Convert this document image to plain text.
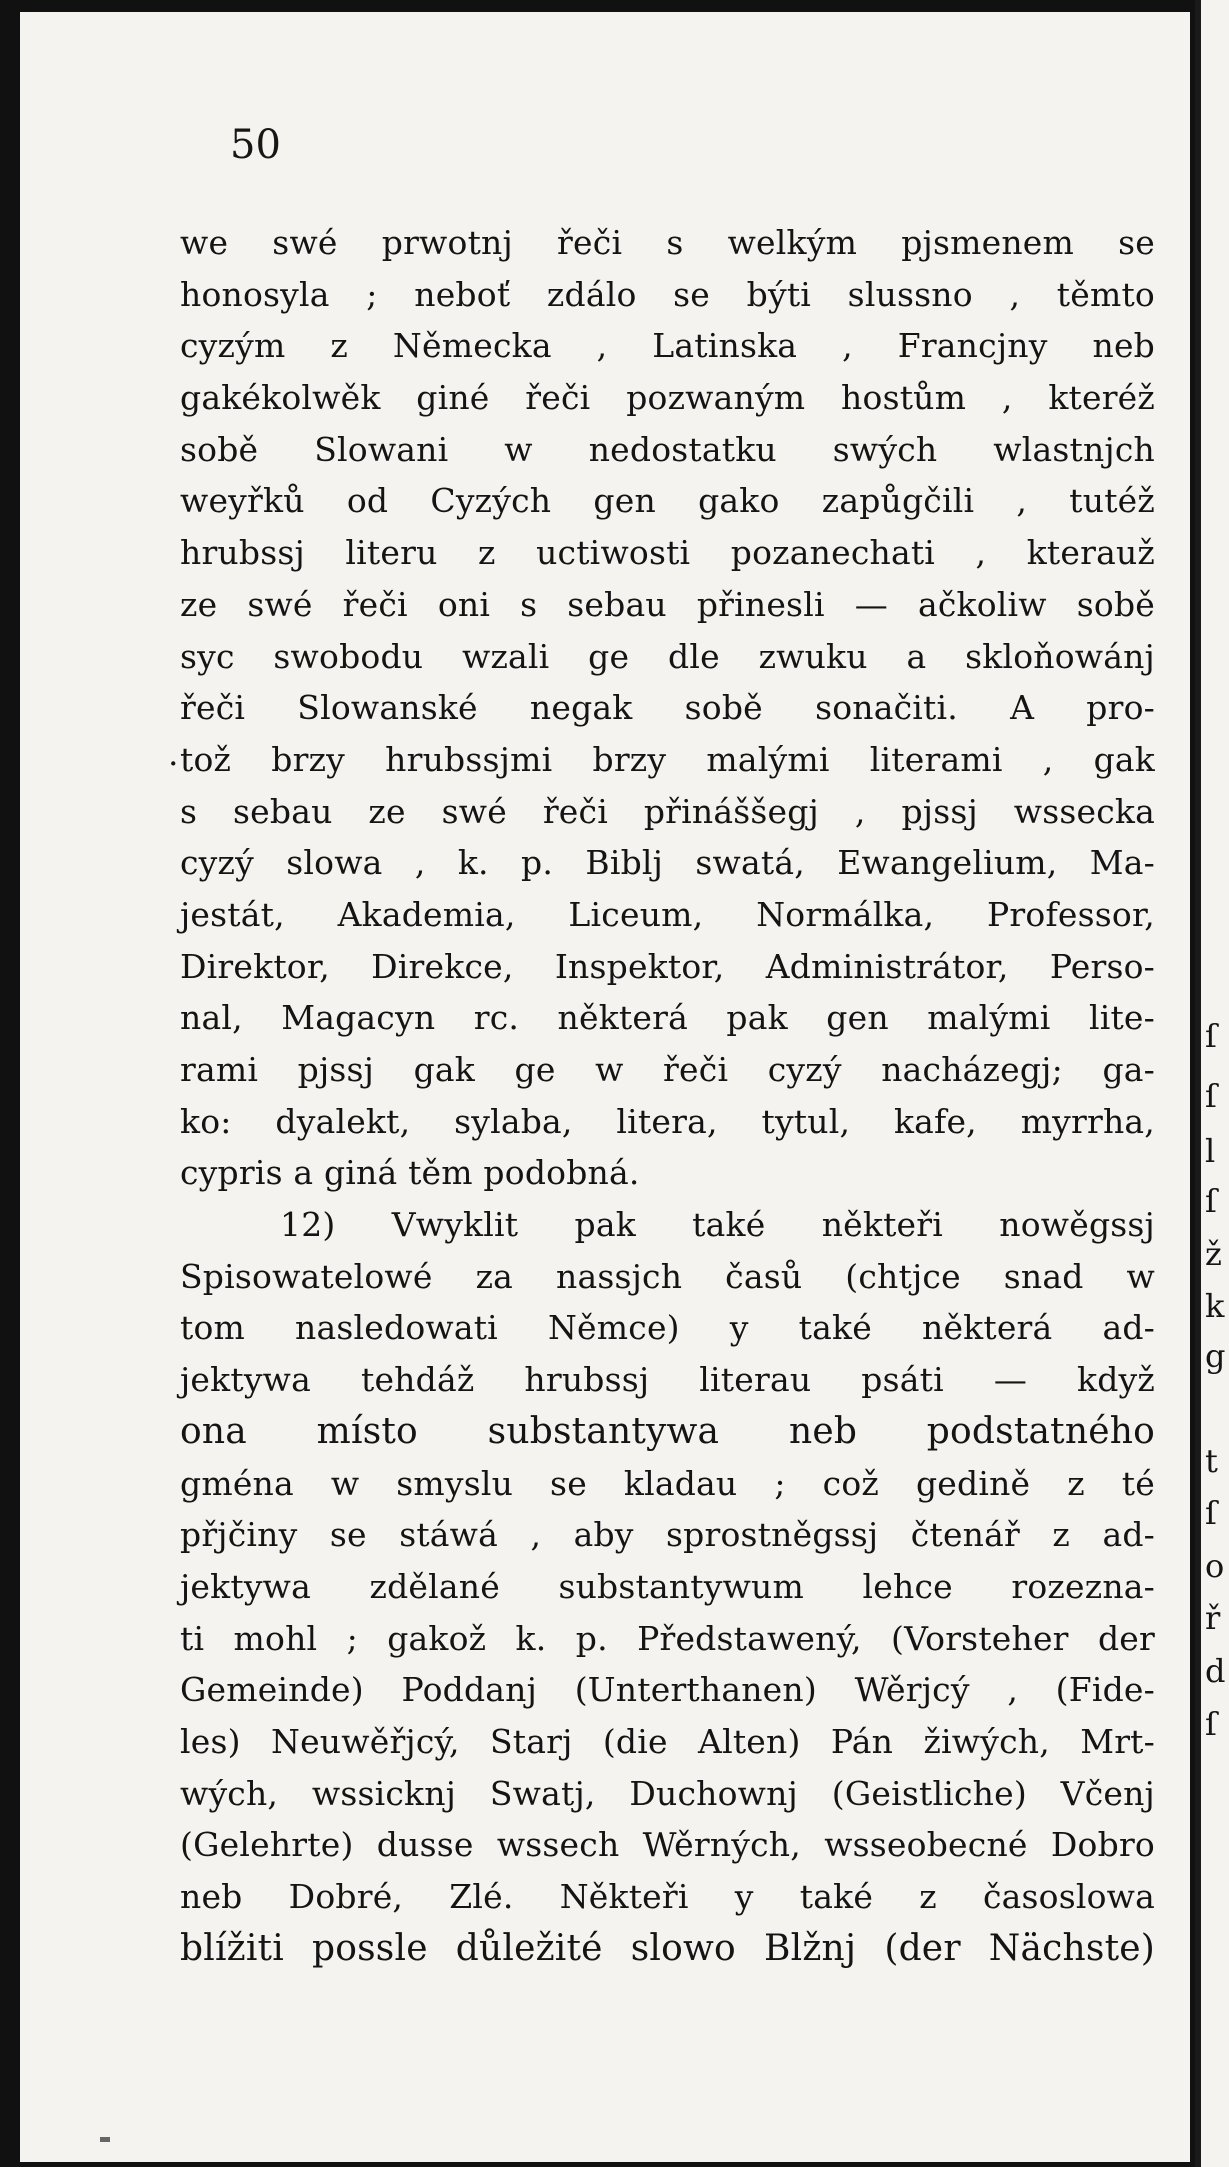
50
.
we swé prwotnj řeči s welkým pjsmenem se
honosyla ; neboť zdálo se býti slussno , těmto
cyzým z Německa , Latinska , Francjny neb
gakékolwěk giné řeči pozwaným hostům , kteréž
sobě Slowani w nedostatku swých wlastnjch
weyřků od Cyzých gen gako zapůgčili , tutéž
hrubssj literu z uctiwosti pozanechati , kterauž
ze swé řeči oni s sebau přinesli — ačkoliw sobě
syc swobodu wzali ge dle zwuku a skloňowánj
řeči Slowanské negak sobě sonačiti. A pro-
tož brzy hrubssjmi brzy malými literami , gak
s sebau ze swé řeči přináššegj , pjssj wssecka
cyzý slowa , k. p. Biblj swatá, Ewangelium, Ma-
jestát, Akademia, Liceum, Normálka, Professor,
Direktor, Direkce, Inspektor, Administrátor, Perso-
nal, Magacyn rc. některá pak gen malými lite-
rami pjssj gak ge w řeči cyzý nacházegj; ga-
ko: dyalekt, sylaba, litera, tytul, kafe, myrrha,
cypris a giná těm podobná.
12) Vwyklit pak také někteři nowěgssj
Spisowatelowé za nassjch časů (chtjce snad w
tom nasledowati Němce) y také některá ad-
jektywa tehdáž hrubssj literau psáti — když
ona místo substantywa neb podstatného
gména w smyslu se kladau ; což gedině z té
přjčiny se stáwá , aby sprostněgssj čtenář z ad-
jektywa zdělané substantywum lehce rozezna-
ti mohl ; gakož k. p. Předstawený, (Vorsteher der
Gemeinde) Poddanj (Unterthanen) Wěrjcý , (Fide-
les) Neuwěřjcý, Starj (die Alten) Pán žiwých, Mrt-
wých, wssicknj Swatj, Duchownj (Geistliche) Včenj
(Gelehrte) dusse wssech Wěrných, wsseobecné Dobro
neb Dobré, Zlé. Někteři y také z časoslowa
blížiti possle důležité slowo Blžnj (der Nächste)
ſ
ſ
l
ſ
ž
k
g
t
ſ
o
ř
d
ſ
